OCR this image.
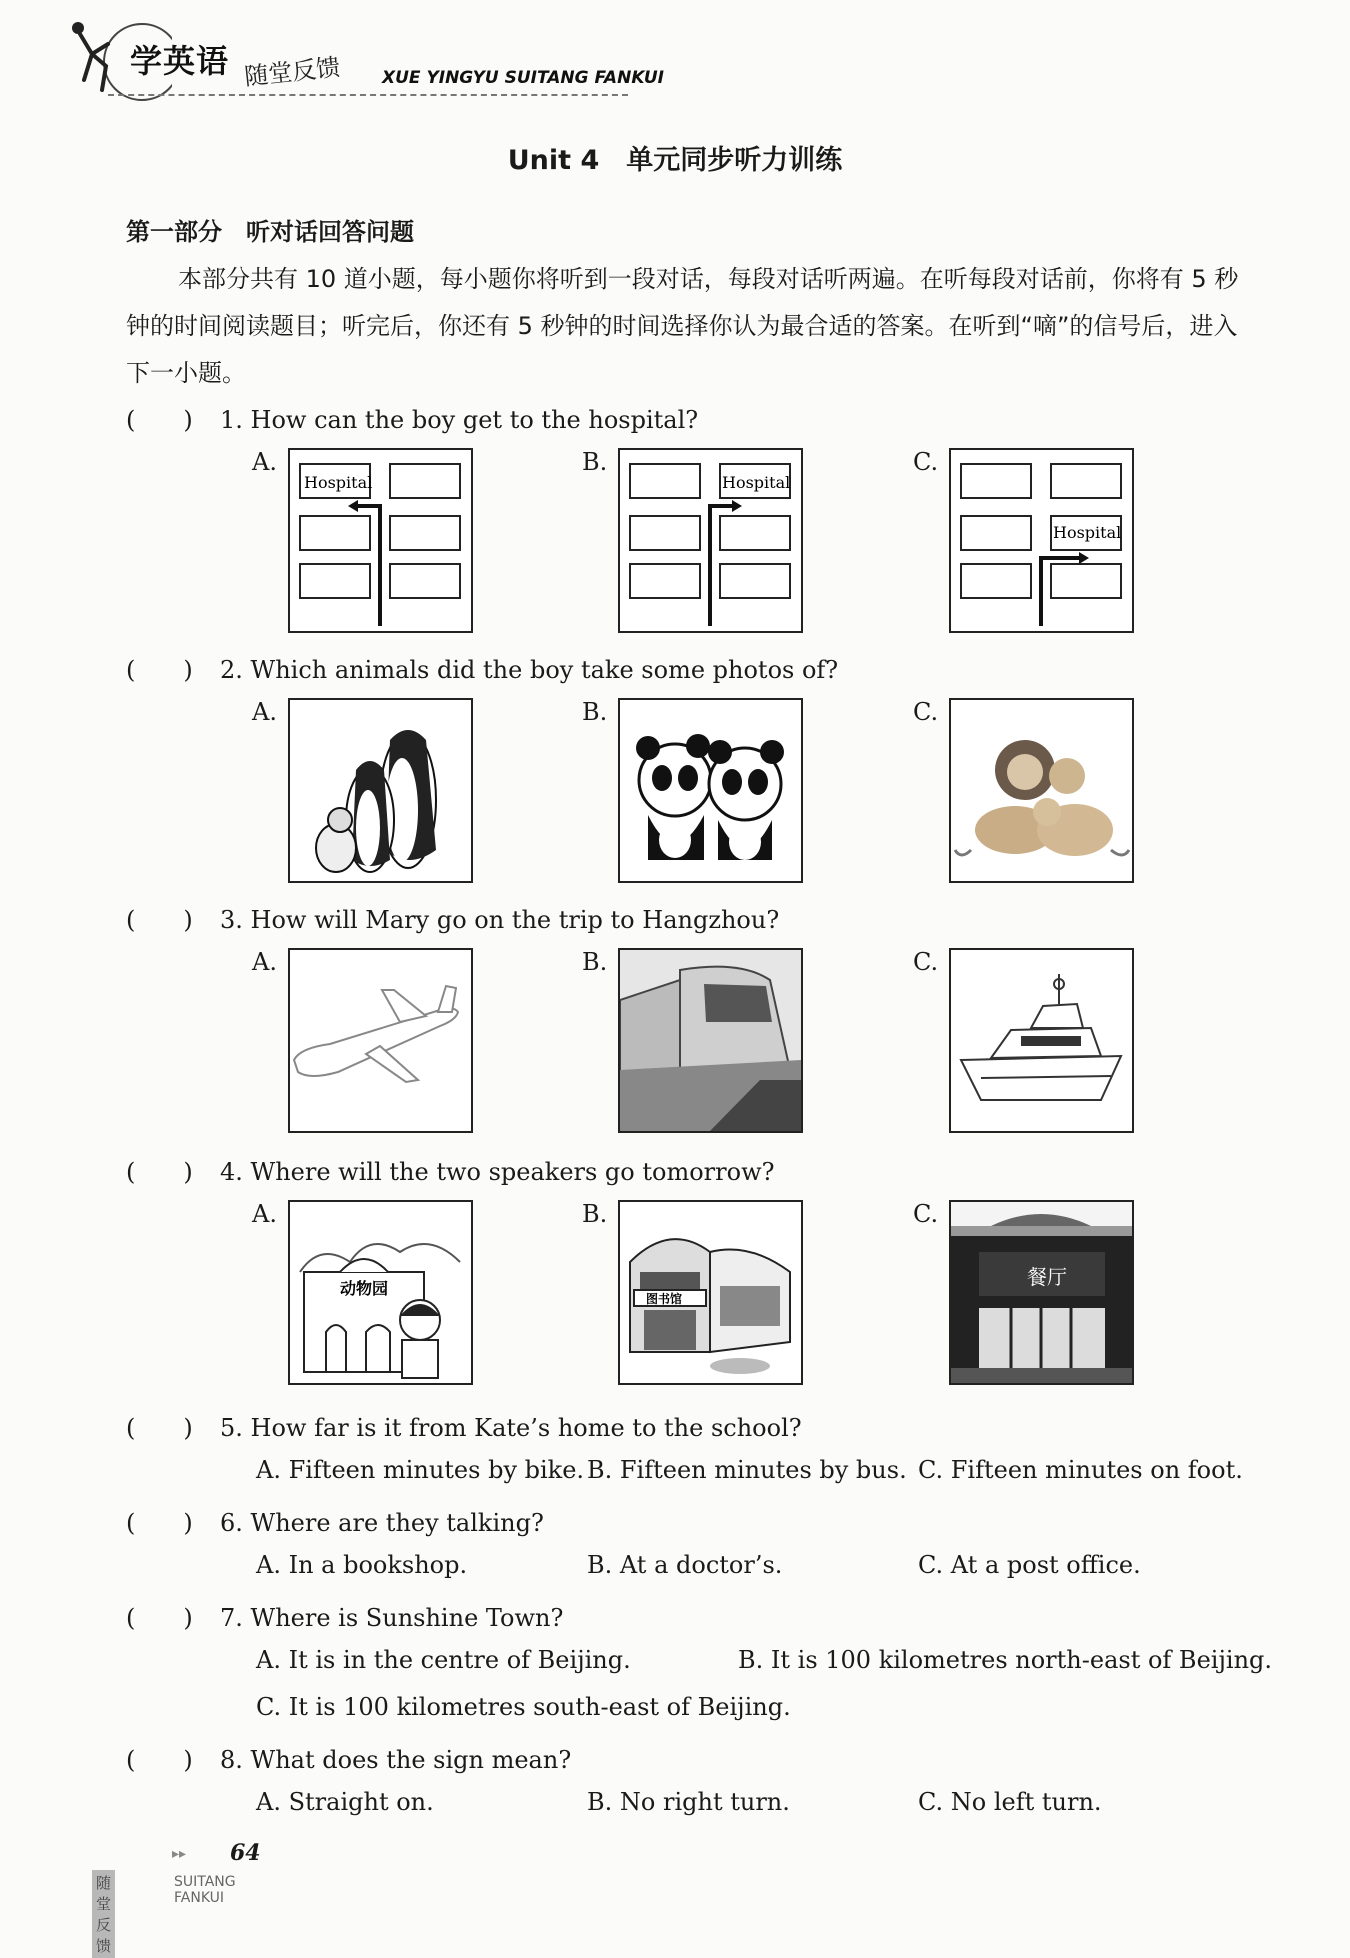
学英语 随堂反馈 XUE YINGYU SUITANG FANKUI
Unit 4　单元同步听力训练
第一部分　听对话回答问题
本部分共有 10 道小题，每小题你将听到一段对话，每段对话听两遍。在听每段对话前，你将有 5 秒钟的时间阅读题目；听完后，你还有 5 秒钟的时间选择你认为最合适的答案。在听到“嘀”的信号后，进入下一小题。
(　　) 1. How can the boy get to the hospital?
A.	B.	C.
Hospital	Hospital
Hospital
(　　) 2. Which animals did the boy take some photos of?
A.	B.	C.
(　　) 3. How will Mary go on the trip to Hangzhou?
A.	B.	C.
(　　) 4. Where will the two speakers go tomorrow?
A.	B.	C.
动物园
图书馆
餐厅
(　　) 5. How far is it from Kate’s home to the school?
A. Fifteen minutes by bike. B. Fifteen minutes by bus. C. Fifteen minutes on foot.
(　　) 6. Where are they talking?
A. In a bookshop.	B. At a doctor’s.	C. At a post office.
(　　) 7. Where is Sunshine Town?
A. It is in the centre of Beijing.	B. It is 100 kilometres north-east of Beijing.
C. It is 100 kilometres south-east of Beijing.
(　　) 8. What does the sign mean?
A. Straight on.	B. No right turn.	C. No left turn.
▸▸ 64
随堂反馈
SUITANG FANKUI
